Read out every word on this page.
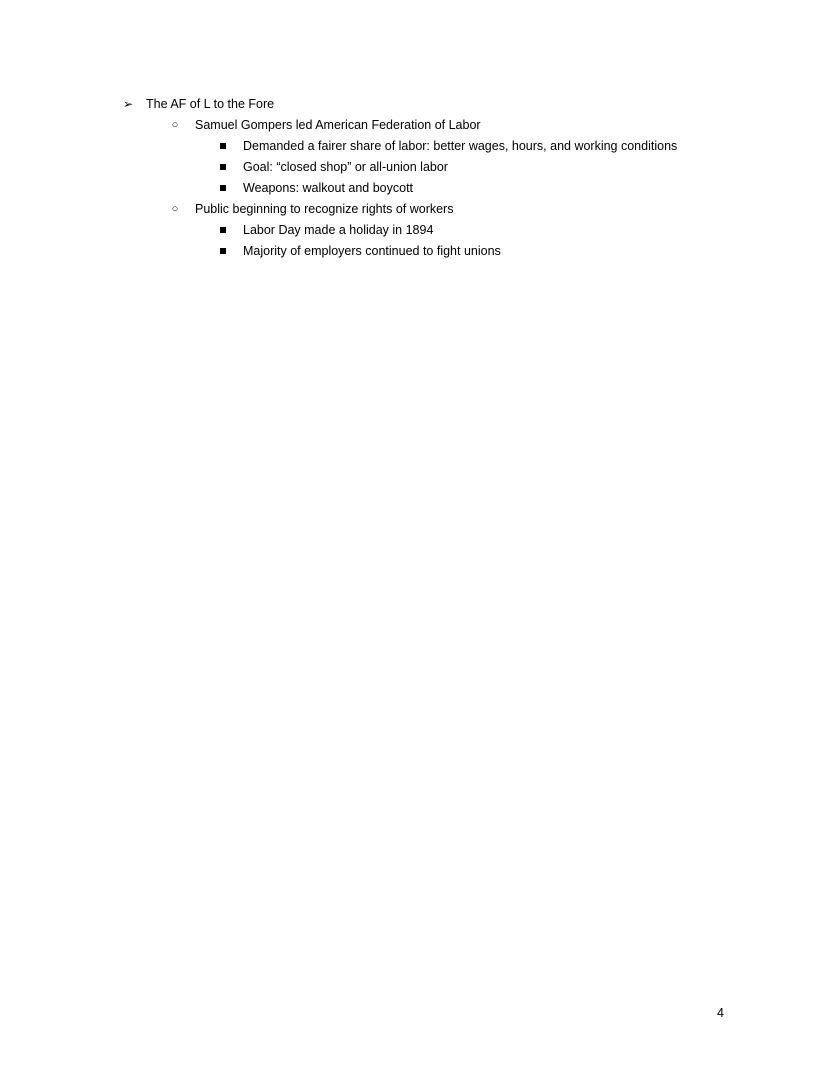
➢	The AF of L to the Fore
○	Samuel Gompers led American Federation of Labor
Demanded a fairer share of labor: better wages, hours, and working conditions
Goal: “closed shop” or all-union labor
Weapons: walkout and boycott
○	Public beginning to recognize rights of workers
Labor Day made a holiday in 1894
Majority of employers continued to fight unions
4
